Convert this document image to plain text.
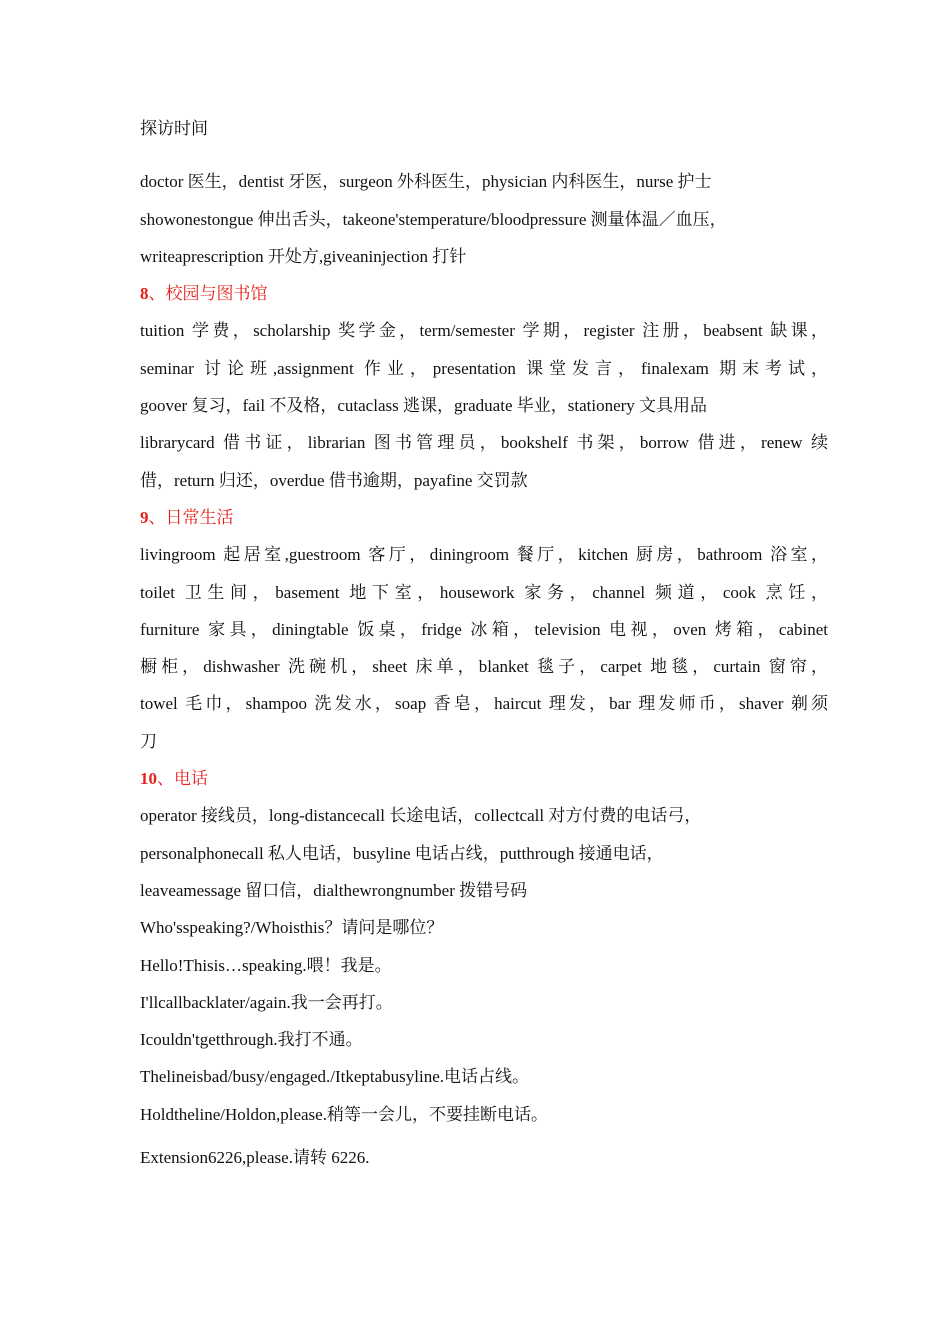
探访时间
doctor 医生，dentist 牙医，surgeon 外科医生，physician 内科医生，nurse 护士
showonestongue 伸出舌头，takeone'stemperature/bloodpressure 测量体温／血压，
writeaprescription 开处方,giveaninjection 打针
8、校园与图书馆
tuition 学费，scholarship 奖学金，term/semester 学期，register 注册，beabsent 缺课，
seminar 讨论班,assignment 作业，presentation 课堂发言，finalexam 期末考试，
goover 复习，fail 不及格，cutaclass 逃课，graduate 毕业，stationery 文具用品
librarycard 借书证，librarian 图书管理员，bookshelf 书架，borrow 借进，renew 续
借，return 归还，overdue 借书逾期，payafine 交罚款
9、日常生活
livingroom 起居室,guestroom 客厅，diningroom 餐厅，kitchen 厨房，bathroom 浴室，
toilet 卫生间，basement 地下室，housework 家务，channel 频道，cook 烹饪，
furniture 家具，diningtable 饭桌，fridge 冰箱，television 电视，oven 烤箱，cabinet
橱柜，dishwasher 洗碗机，sheet 床单，blanket 毯子，carpet 地毯，curtain 窗帘，
towel 毛巾，shampoo 洗发水，soap 香皂，haircut 理发，bar 理发师币，shaver 剃须
刀
10、电话
operator 接线员，long-distancecall 长途电话，collectcall 对方付费的电话弓，
personalphonecall 私人电话，busyline 电话占线，putthrough 接通电话，
leaveamessage 留口信，dialthewrongnumber 拨错号码
Who'sspeaking?/Whoisthis？请问是哪位？
Hello!Thisis…speaking.喂！我是。
I'llcallbacklater/again.我一会再打。
Icouldn'tgetthrough.我打不通。
Thelineisbad/busy/engaged./Itkeptabusyline.电话占线。
Holdtheline/Holdon,please.稍等一会儿，不要挂断电话。
Extension6226,please.请转 6226.
